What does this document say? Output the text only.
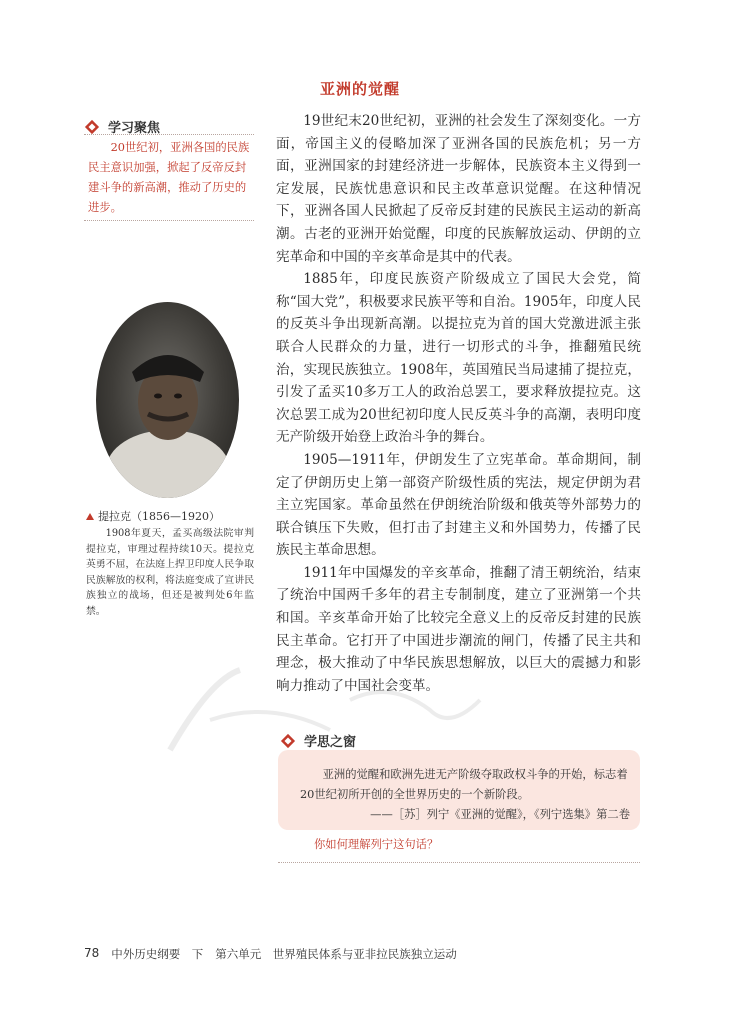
亚洲的觉醒
学习聚焦
20世纪初，亚洲各国的民族民主意识加强，掀起了反帝反封建斗争的新高潮，推动了历史的进步。
提拉克（1856—1920）
1908年夏天，孟买高级法院审判提拉克，审理过程持续10天。提拉克英勇不屈，在法庭上捍卫印度人民争取民族解放的权利，将法庭变成了宣讲民族独立的战场，但还是被判处6年监禁。

19世纪末20世纪初，亚洲的社会发生了深刻变化。一方面，帝国主义的侵略加深了亚洲各国的民族危机；另一方面，亚洲国家的封建经济进一步解体，民族资本主义得到一定发展，民族忧患意识和民主改革意识觉醒。在这种情况下，亚洲各国人民掀起了反帝反封建的民族民主运动的新高潮。古老的亚洲开始觉醒，印度的民族解放运动、伊朗的立宪革命和中国的辛亥革命是其中的代表。

1885年，印度民族资产阶级成立了国民大会党，简称“国大党”，积极要求民族平等和自治。1905年，印度人民的反英斗争出现新高潮。以提拉克为首的国大党激进派主张联合人民群众的力量，进行一切形式的斗争，推翻殖民统治，实现民族独立。1908年，英国殖民当局逮捕了提拉克，引发了孟买10多万工人的政治总罢工，要求释放提拉克。这次总罢工成为20世纪初印度人民反英斗争的高潮，表明印度无产阶级开始登上政治斗争的舞台。

1905—1911年，伊朗发生了立宪革命。革命期间，制定了伊朗历史上第一部资产阶级性质的宪法，规定伊朗为君主立宪国家。革命虽然在伊朗统治阶级和俄英等外部势力的联合镇压下失败，但打击了封建主义和外国势力，传播了民族民主革命思想。

1911年中国爆发的辛亥革命，推翻了清王朝统治，结束了统治中国两千多年的君主专制制度，建立了亚洲第一个共和国。辛亥革命开始了比较完全意义上的反帝反封建的民族民主革命。它打开了中国进步潮流的闸门，传播了民主共和理念，极大推动了中华民族思想解放，以巨大的震撼力和影响力推动了中国社会变革。

学思之窗
亚洲的觉醒和欧洲先进无产阶级夺取政权斗争的开始，标志着20世纪初所开创的全世界历史的一个新阶段。
——［苏］列宁《亚洲的觉醒》，《列宁选集》第二卷
你如何理解列宁这句话？
78 中外历史纲要　下 第六单元　世界殖民体系与亚非拉民族独立运动
